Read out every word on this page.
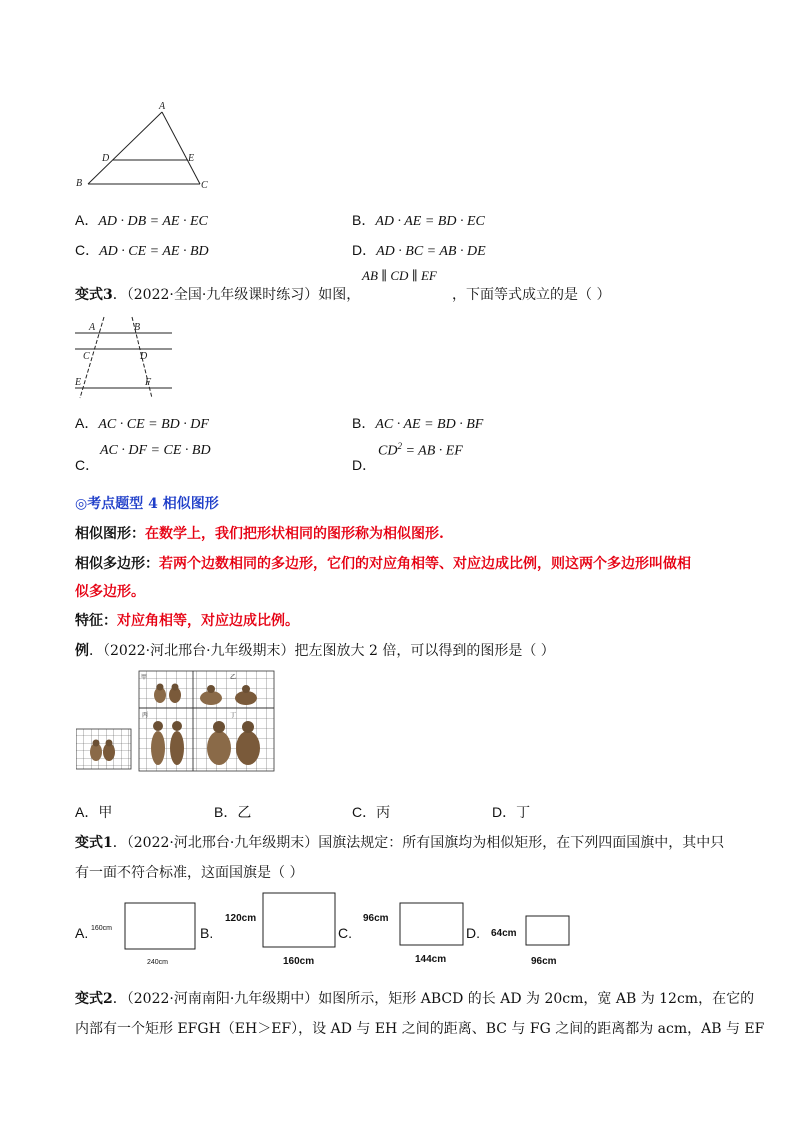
A
D	E
B	C
A．AD · DB = AE · EC	B．AD · AE = BD · EC
C．AD · CE = AE · BD	D．AD · BC = AB · DE
AB ∥ CD ∥ EF
变式3．（2022·全国·九年级课时练习）如图，	，下面等式成立的是（ ）
A	B
C	D
E	F
A．AC · CE = BD · DF	B．AC · AE = BD · BF
AC · DF = CE · BD
C．
$CD^2$ = AB · EF
D．
◎考点题型 4 相似图形
相似图形：在数学上，我们把形状相同的图形称为相似图形.
相似多边形：若两个边数相同的多边形，它们的对应角相等、对应边成比例，则这两个多边形叫做相
似多边形。
特征：对应角相等，对应边成比例。
例．（2022·河北邢台·九年级期末）把左图放大 2 倍，可以得到的图形是（ ）
甲	乙
丙	丁
A．甲	B．乙	C．丙	D．丁
变式1．（2022·河北邢台·九年级期末）国旗法规定：所有国旗均为相似矩形，在下列四面国旗中，其中只
有一面不符合标准，这面国旗是（ ）
A. 160cm
240cm
B.
120cm
160cm
C.
96cm
144cm
D. 64cm
96cm
变式2．（2022·河南南阳·九年级期中）如图所示，矩形 ABCD 的长 AD 为 20cm，宽 AB 为 12cm，在它的
内部有一个矩形 EFGH（EH＞EF），设 AD 与 EH 之间的距离、BC 与 FG 之间的距离都为 acm，AB 与 EF
